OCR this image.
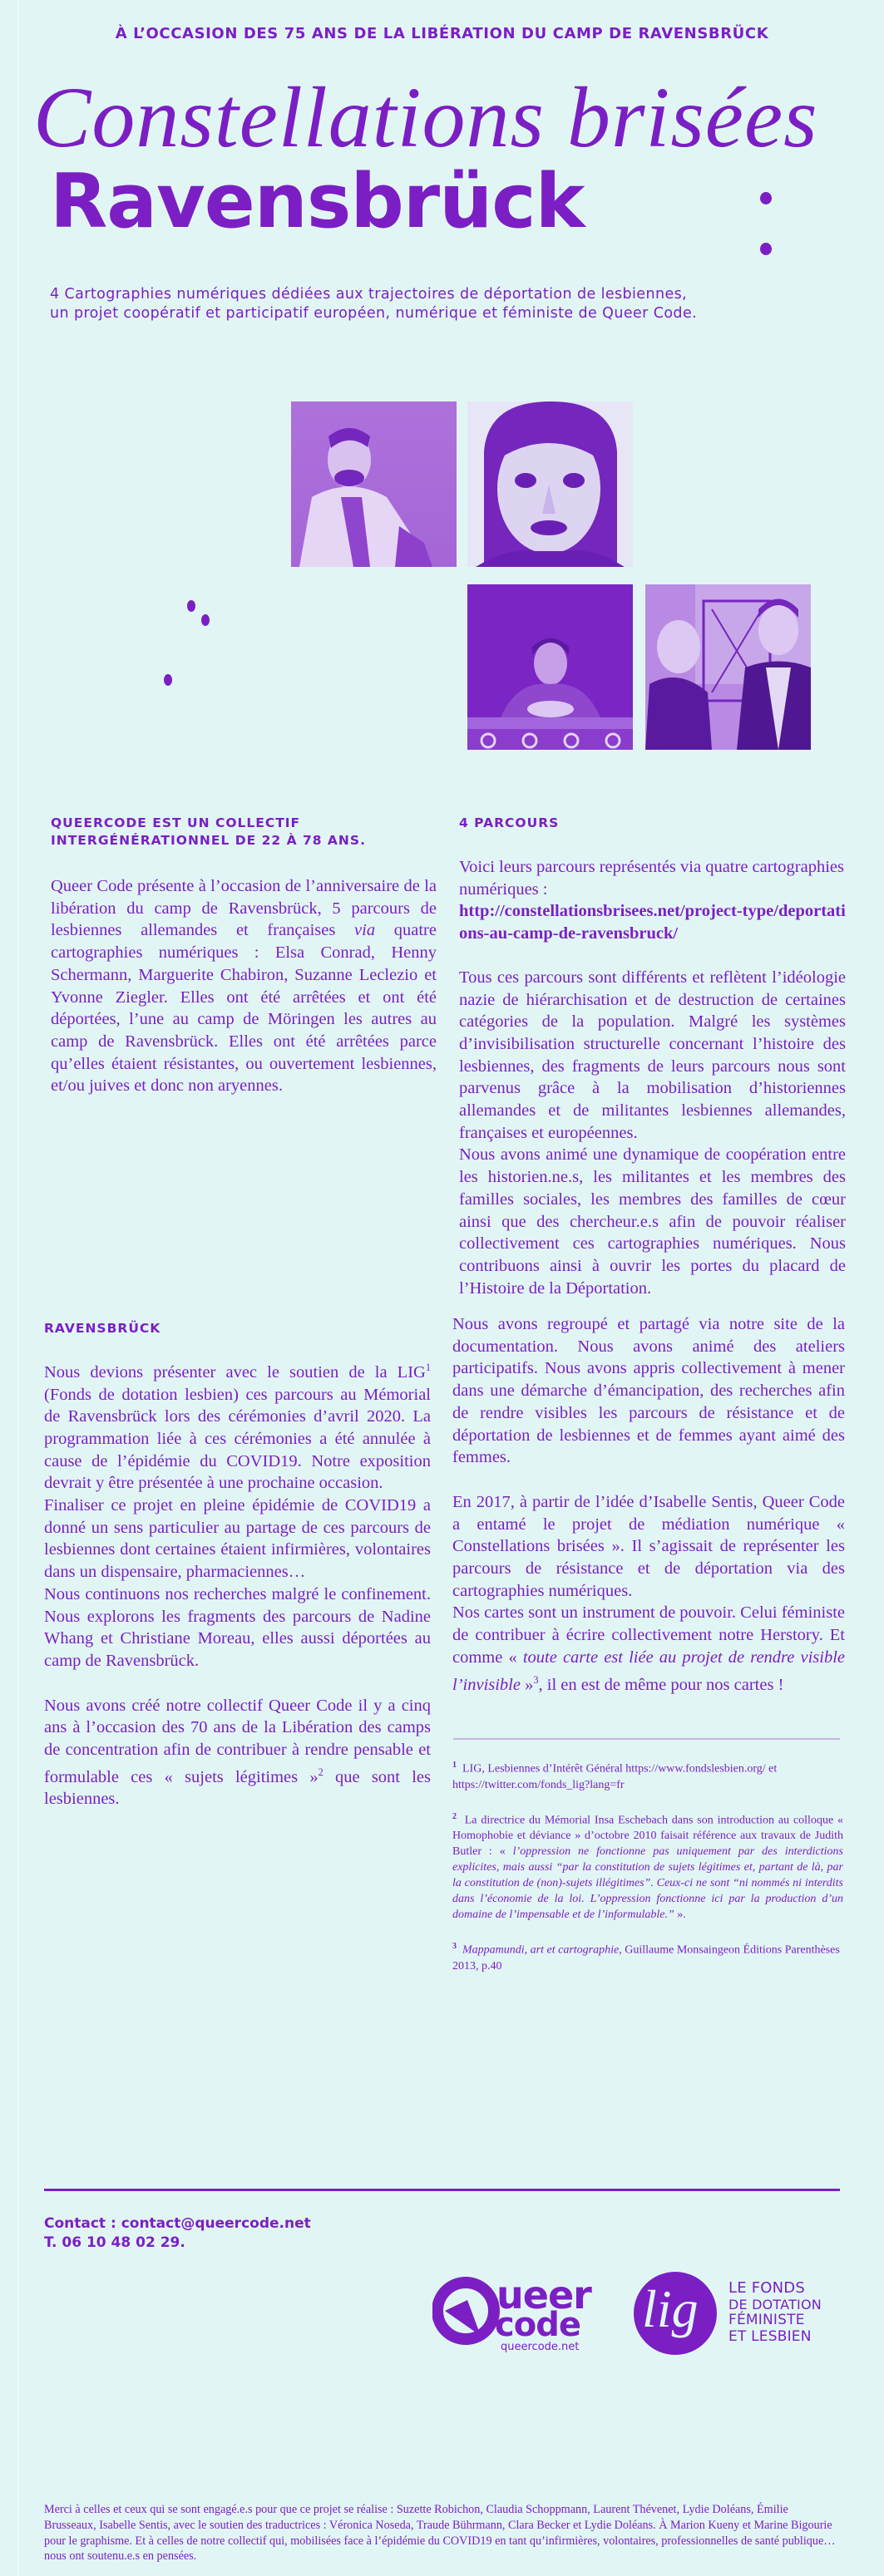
À L’OCCASION DES 75 ANS DE LA LIBÉRATION DU CAMP DE RAVENSBRÜCK
Constellations brisées
Ravensbrück
4 Cartographies numériques dédiées aux trajectoires de déportation de lesbiennes,
un projet coopératif et participatif européen, numérique et féministe de Queer Code.
QUEERCODE EST UN COLLECTIF
INTERGÉNÉRATIONNEL DE 22 À 78 ANS.

Queer Code présente à l’occasion de l’anniversaire de la libération du camp de Ravensbrück, 5 parcours de lesbiennes allemandes et françaises via quatre cartographies numériques : Elsa Conrad, Henny Schermann, Marguerite Chabiron, Suzanne Leclezio et Yvonne Ziegler. Elles ont été arrêtées et ont été déportées, l’une au camp de Möringen les autres au camp de Ravensbrück. Elles ont été arrêtées parce qu’elles étaient résistantes, ou ouvertement lesbiennes, et/ou juives et donc non aryennes.

RAVENSBRÜCK

Nous devions présenter avec le soutien de la LIG$^1$ (Fonds de dotation lesbien) ces parcours au Mémorial de Ravensbrück lors des cérémonies d’avril 2020. La programmation liée à ces cérémonies a été annulée à cause de l’épidémie du COVID19. Notre exposition devrait y être présentée à une prochaine occasion.

Finaliser ce projet en pleine épidémie de COVID19 a donné un sens particulier au partage de ces parcours de lesbiennes dont certaines étaient infirmières, volontaires dans un dispensaire, pharmaciennes…

Nous continuons nos recherches malgré le confinement. Nous explorons les fragments des parcours de Nadine Whang et Christiane Moreau, elles aussi déportées au camp de Ravensbrück.

Nous avons créé notre collectif Queer Code il y a cinq ans à l’occasion des 70 ans de la Libération des camps de concentration afin de contribuer à rendre pensable et formulable ces « sujets légitimes »$^2$ que sont les lesbiennes.

4 PARCOURS

Voici leurs parcours représentés via quatre cartographies numériques :

http://constellationsbrisees.net/project-type/deportations-au-camp-de-ravensbruck/

Tous ces parcours sont différents et reflètent l’idéologie nazie de hiérarchisation et de destruction de certaines catégories de la population. Malgré les systèmes d’invisibilisation structurelle concernant l’histoire des lesbiennes, des fragments de leurs parcours nous sont parvenus grâce à la mobilisation d’historiennes allemandes et de militantes lesbiennes allemandes, françaises et européennes.

Nous avons animé une dynamique de coopération entre les historien.ne.s, les militantes et les membres des familles sociales, les membres des familles de cœur ainsi que des chercheur.e.s afin de pouvoir réaliser collectivement ces cartographies numériques. Nous contribuons ainsi à ouvrir les portes du placard de l’Histoire de la Déportation.

Nous avons regroupé et partagé via notre site de la documentation. Nous avons animé des ateliers participatifs. Nous avons appris collectivement à mener dans une démarche d’émancipation, des recherches afin de rendre visibles les parcours de résistance et de déportation de lesbiennes et de femmes ayant aimé des femmes.

En 2017, à partir de l’idée d’Isabelle Sentis, Queer Code a entamé le projet de médiation numérique « Constellations brisées ». Il s’agissait de représenter les parcours de résistance et de déportation via des cartographies numériques.

Nos cartes sont un instrument de pouvoir. Celui féministe de contribuer à écrire collectivement notre Herstory. Et comme « toute carte est liée au projet de rendre visible l’invisible »$^3$, il en est de même pour nos cartes !

$^1$ LIG, Lesbiennes d’Intérêt Général https://www.fondslesbien.org/ et https://twitter.com/fonds_lig?lang=fr
$^2$ La directrice du Mémorial Insa Eschebach dans son introduction au colloque « Homophobie et déviance » d’octobre 2010 faisait référence aux travaux de Judith Butler : « l’oppression ne fonctionne pas uniquement par des interdictions explicites, mais aussi “par la constitution de sujets légitimes et, partant de là, par la constitution de (non)-sujets illégitimes”. Ceux-ci ne sont “ni nommés ni interdits dans l’économie de la loi. L’oppression fonctionne ici par la production d’un domaine de l’impensable et de l’informulable.” ».
$^3$ Mappamundi, art et cartographie, Guillaume Monsaingeon Éditions Parenthèses 2013, p.40
Contact : contact@queercode.net
T. 06 10 48 02 29.
ueer
code
queercode.net
lig LE FONDS
DE DOTATION
FÉMINISTE
ET LESBIEN
Merci à celles et ceux qui se sont engagé.e.s pour que ce projet se réalise : Suzette Robichon, Claudia Schoppmann, Laurent Thévenet, Lydie Doléans, Émilie Brusseaux, Isabelle Sentis, avec le soutien des traductrices : Véronica Noseda, Traude Bührmann, Clara Becker et Lydie Doléans. À Marion Kueny et Marine Bigourie pour le graphisme. Et à celles de notre collectif qui, mobilisées face à l’épidémie du COVID19 en tant qu’infirmières, volontaires, professionnelles de santé publique… nous ont soutenu.e.s en pensées.
